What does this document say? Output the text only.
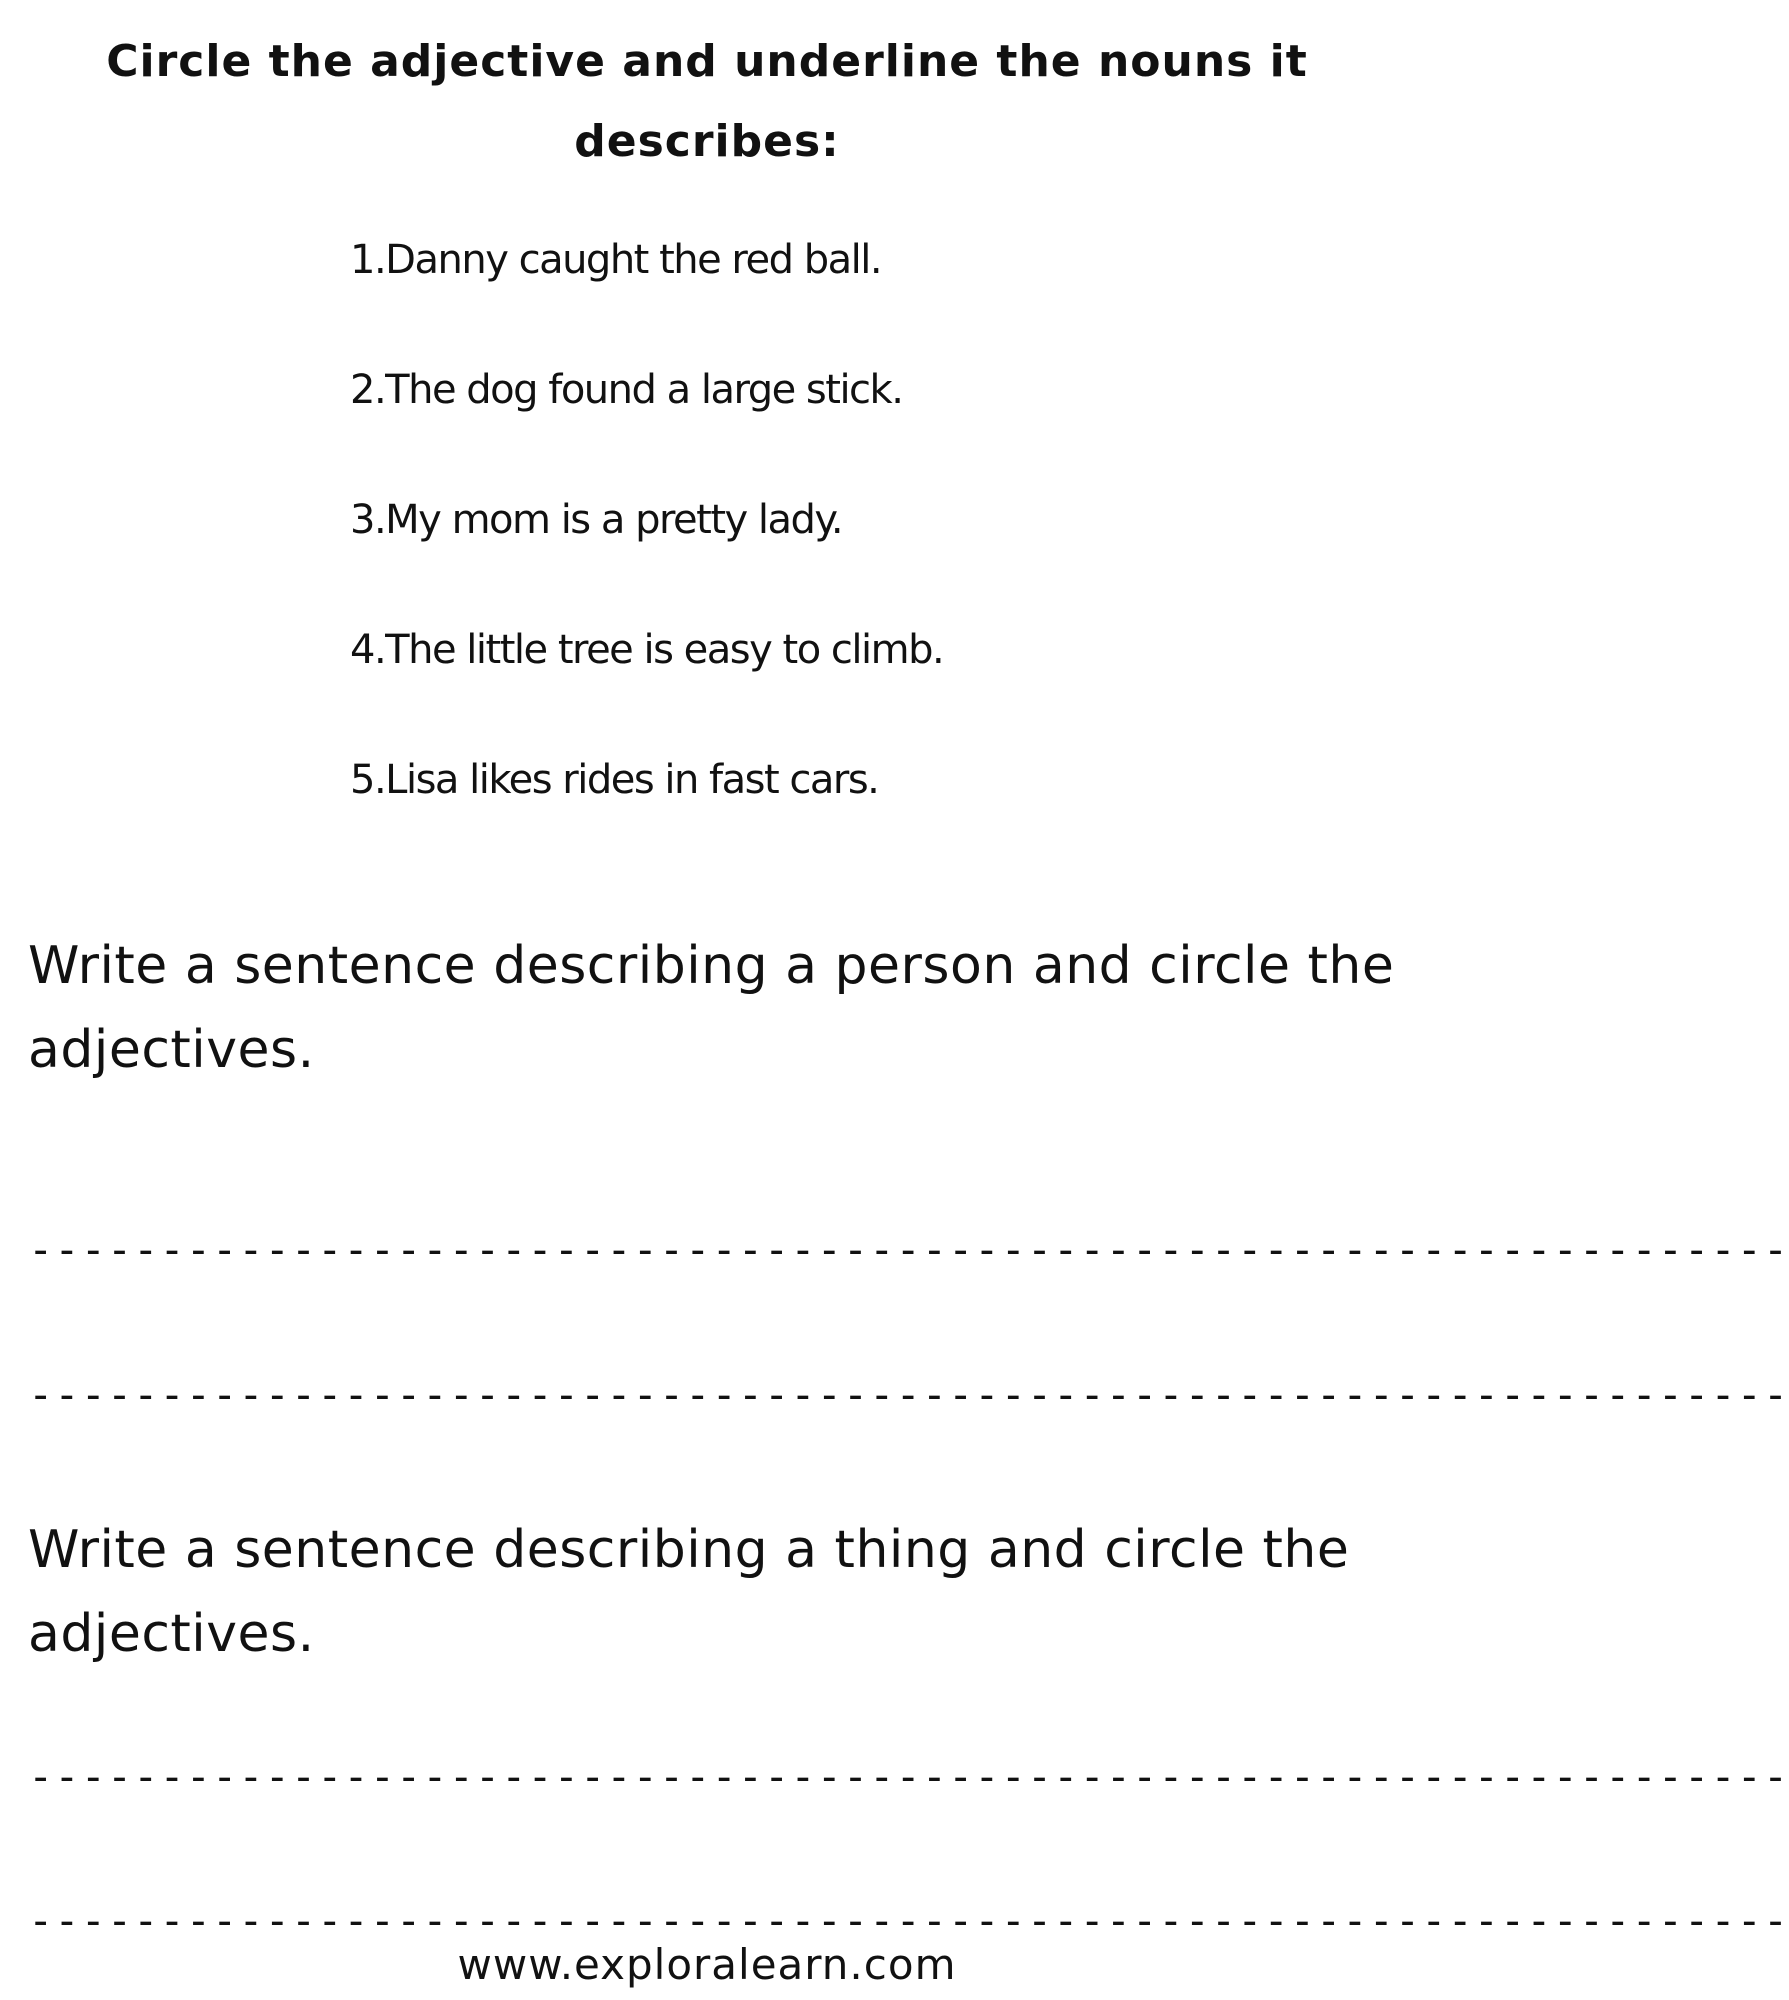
Circle the adjective and underline the nouns it describes:
1.Danny caught the red ball.
2.The dog found a large stick.
3.My mom is a pretty lady.
4.The little tree is easy to climb.
5.Lisa likes rides in fast cars.

Write a sentence describing a person and circle the adjectives.

-------------------------------------------------------------------
-------------------------------------------------------------------

Write a sentence describing a thing and circle the adjectives.

-------------------------------------------------------------------
-------------------------------------------------------------------
www.exploralearn.com
